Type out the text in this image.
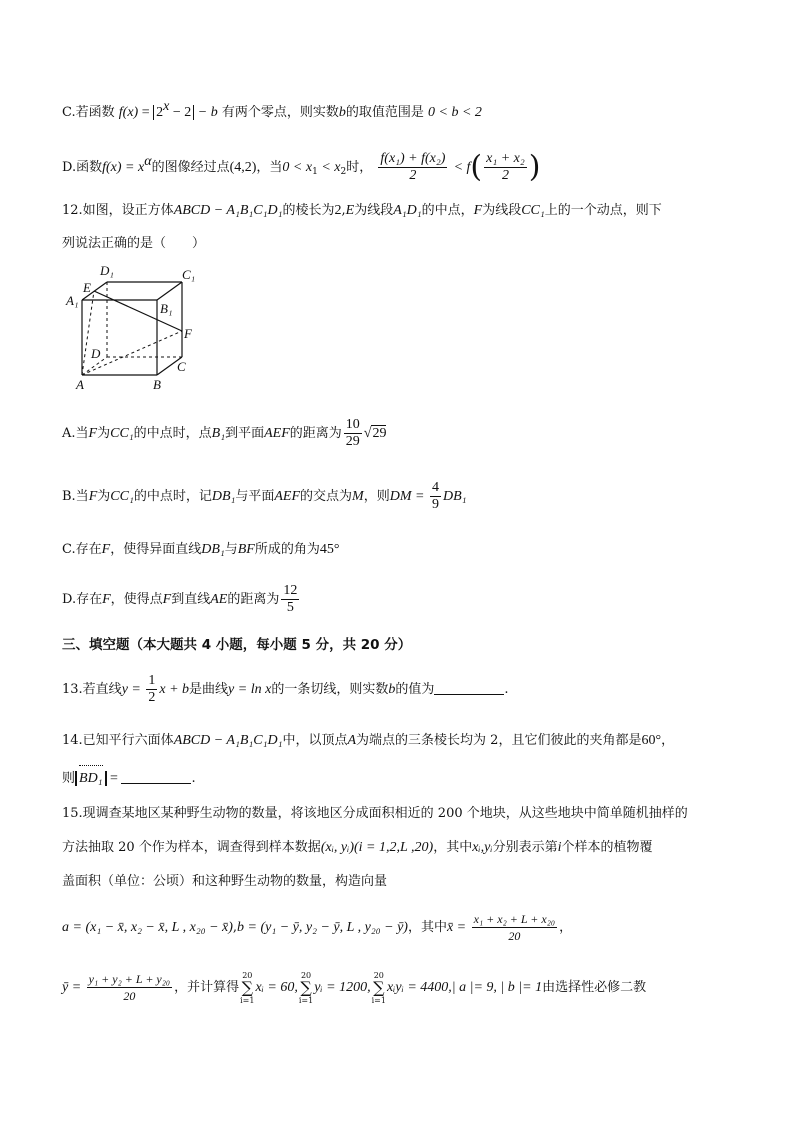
C.若函数 $f(x) = 2^x - 2 - b$ 有两个零点，则实数b的取值范围是 0 < b < 2
D.函数$f(x) = x^\alpha$的图像经过点(4,2)，当$0 < x_1 < x_2$时， $\frac{\text{f(x₁) + f(x₂)}}{2} < f( \frac{\text{x₁ + x₂}}{2}$ )
12.如图，设正方体ABCD − A₁B₁C₁D₁的棱长为2,E为线段A₁D₁的中点，F为线段CC₁上的一个动点，则下
列说法正确的是（　　）
D₁	C₁
A₁
E
B₁
F
D
C
A	B
A.当F为CC₁的中点时，点B₁到平面AEF的距离为 $\frac{10}{29} √29$
B.当F为CC₁的中点时，记DB₁与平面AEF的交点为M，则DM = $\frac{4}{9} DB_1$
C.存在F，使得异面直线DB₁与BF所成的角为45°
D.存在F，使得点F到直线AE的距离为 $\frac{12}{5}$
三、填空题（本大题共 4 小题，每小题 5 分，共 20 分）
13.若直线$y = \frac{1}{2}$ x + b是曲线y = ln x的一条切线，则实数b的值为	.
14.已知平行六面体ABCD − A₁B₁C₁D₁中，以顶点A为端点的三条棱长均为 2，且它们彼此的夹角都是60°，
则 BD₁ =	.
15.现调查某地区某种野生动物的数量，将该地区分成面积相近的 200 个地块，从这些地块中简单随机抽样的
方法抽取 20 个作为样本，调查得到样本数据(xᵢ, yᵢ)(i = 1,2,L ,20)，其中xᵢ,yᵢ分别表示第i个样本的植物覆
盖面积（单位：公顷）和这种野生动物的数量，构造向量
a = (x₁ − x̄, x₂ − x̄, L , x₂₀ − x̄),b = (y₁ − ȳ, y₂ − ȳ, L , y₂₀ − ȳ)，其中x̄ = $\frac{\text{x₁ + x₂ + L + x₂₀}}{20}$ ，
ȳ = $\frac{\text{y₁ + y₂ + L + y₂₀}}{20}$ ，并计算得
20
∑
i=1
xᵢ = 60,
20
∑
i=1
yᵢ = 1200,
20
∑
i=1
xᵢyᵢ = 4400,| a |= 9, | b |= 1由选择性必修二教
